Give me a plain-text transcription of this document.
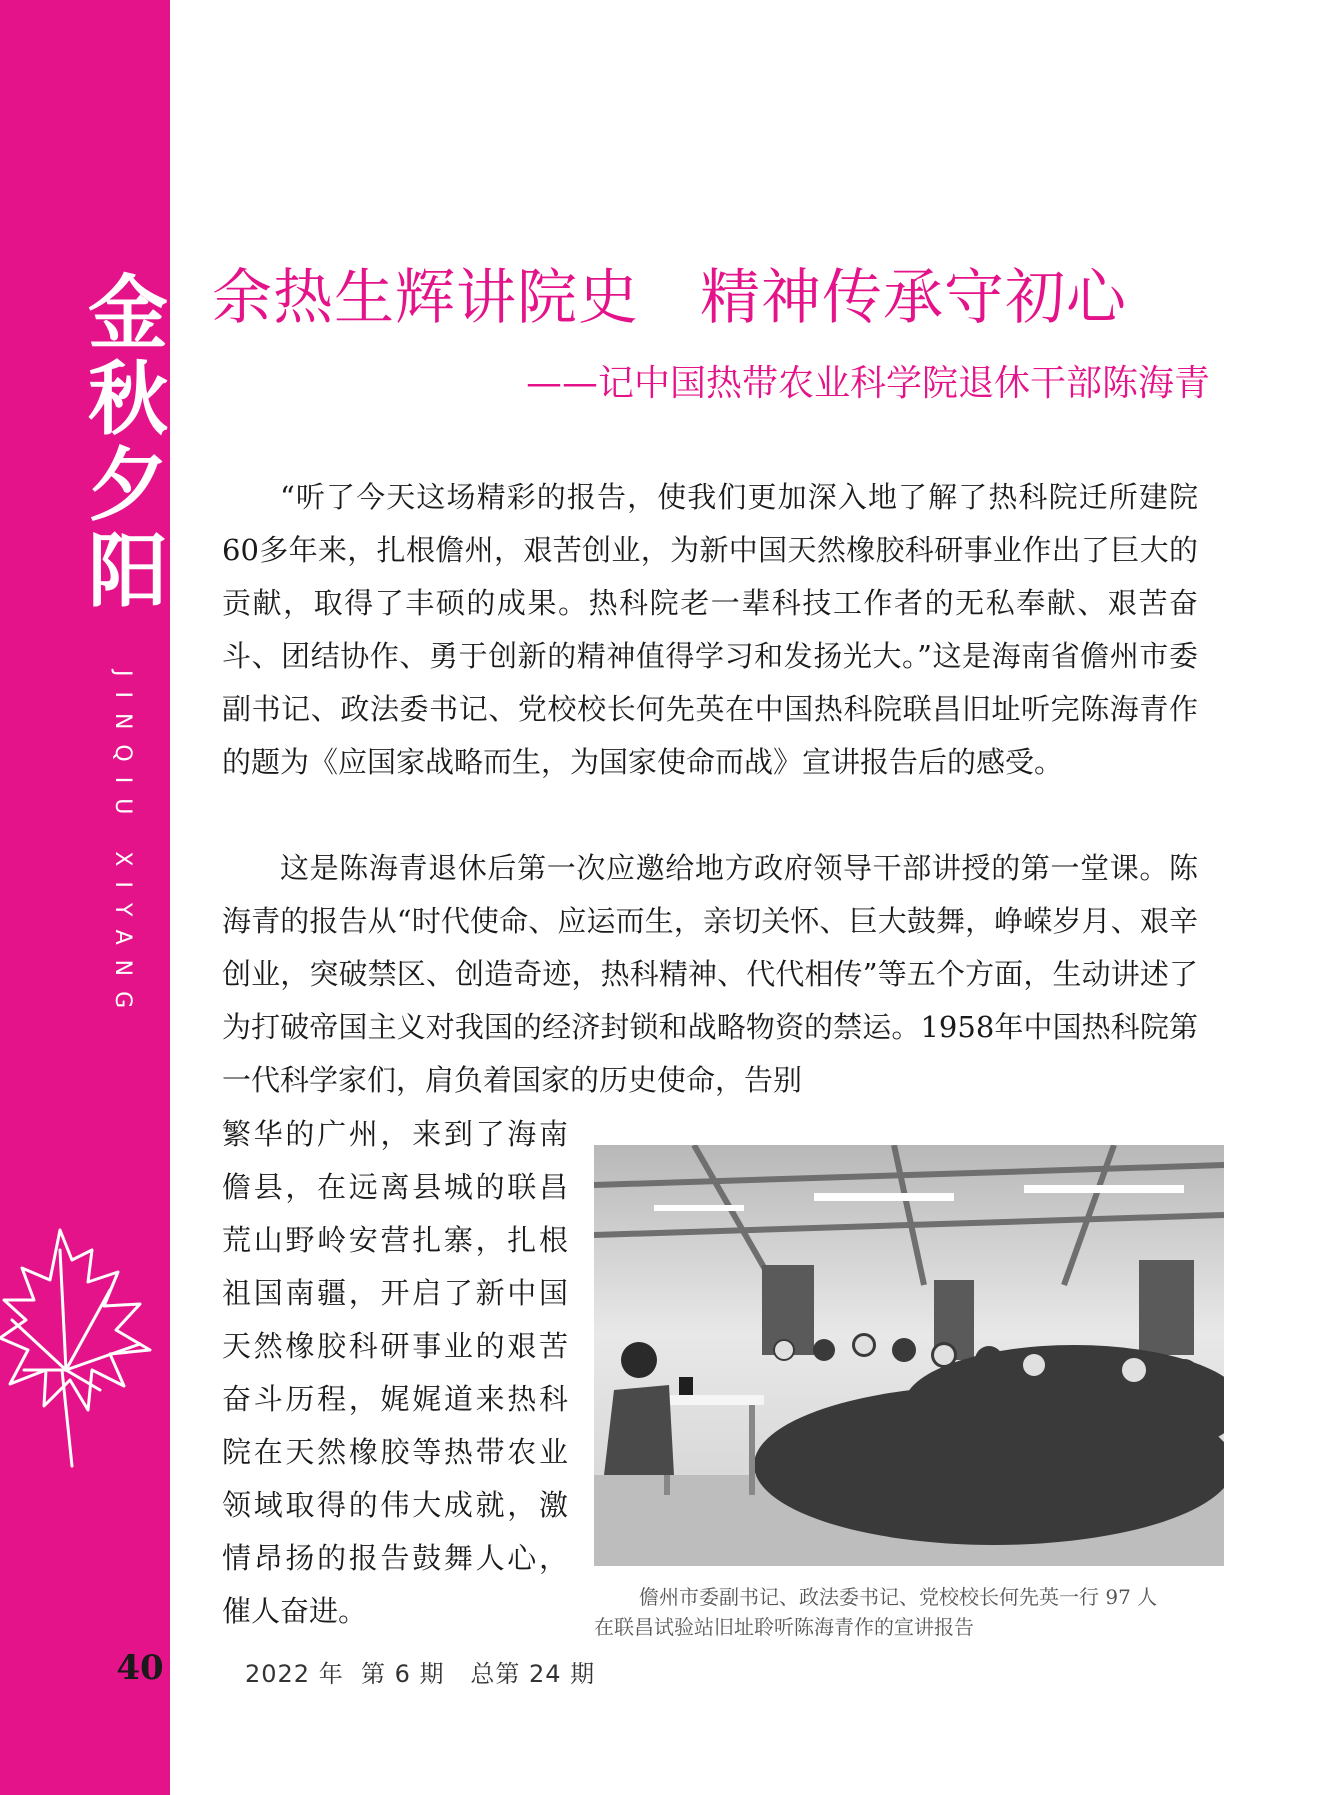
金
秋
夕
阳
JINQIU XIYANG
余热生辉讲院史　精神传承守初心
——记中国热带农业科学院退休干部陈海青

“听了今天这场精彩的报告，使我们更加深入地了解了热科院迁所建院60多年来，扎根儋州，艰苦创业，为新中国天然橡胶科研事业作出了巨大的贡献，取得了丰硕的成果。热科院老一辈科技工作者的无私奉献、艰苦奋斗、团结协作、勇于创新的精神值得学习和发扬光大。”这是海南省儋州市委副书记、政法委书记、党校校长何先英在中国热科院联昌旧址听完陈海青作的题为《应国家战略而生，为国家使命而战》宣讲报告后的感受。

这是陈海青退休后第一次应邀给地方政府领导干部讲授的第一堂课。陈海青的报告从“时代使命、应运而生，亲切关怀、巨大鼓舞，峥嵘岁月、艰辛创业，突破禁区、创造奇迹，热科精神、代代相传”等五个方面，生动讲述了为打破帝国主义对我国的经济封锁和战略物资的禁运。1958年中国热科院第一代科学家们，肩负着国家的历史使命，告别

繁华的广州，来到了海南儋县，在远离县城的联昌荒山野岭安营扎寨，扎根祖国南疆，开启了新中国天然橡胶科研事业的艰苦奋斗历程，娓娓道来热科院在天然橡胶等热带农业领域取得的伟大成就，激情昂扬的报告鼓舞人心，催人奋进。	儋州市委副书记、政法委书记、党校校长何先英一行 97 人
在联昌试验站旧址聆听陈海青作的宣讲报告
40	2022 年  第 6 期   总第 24 期
